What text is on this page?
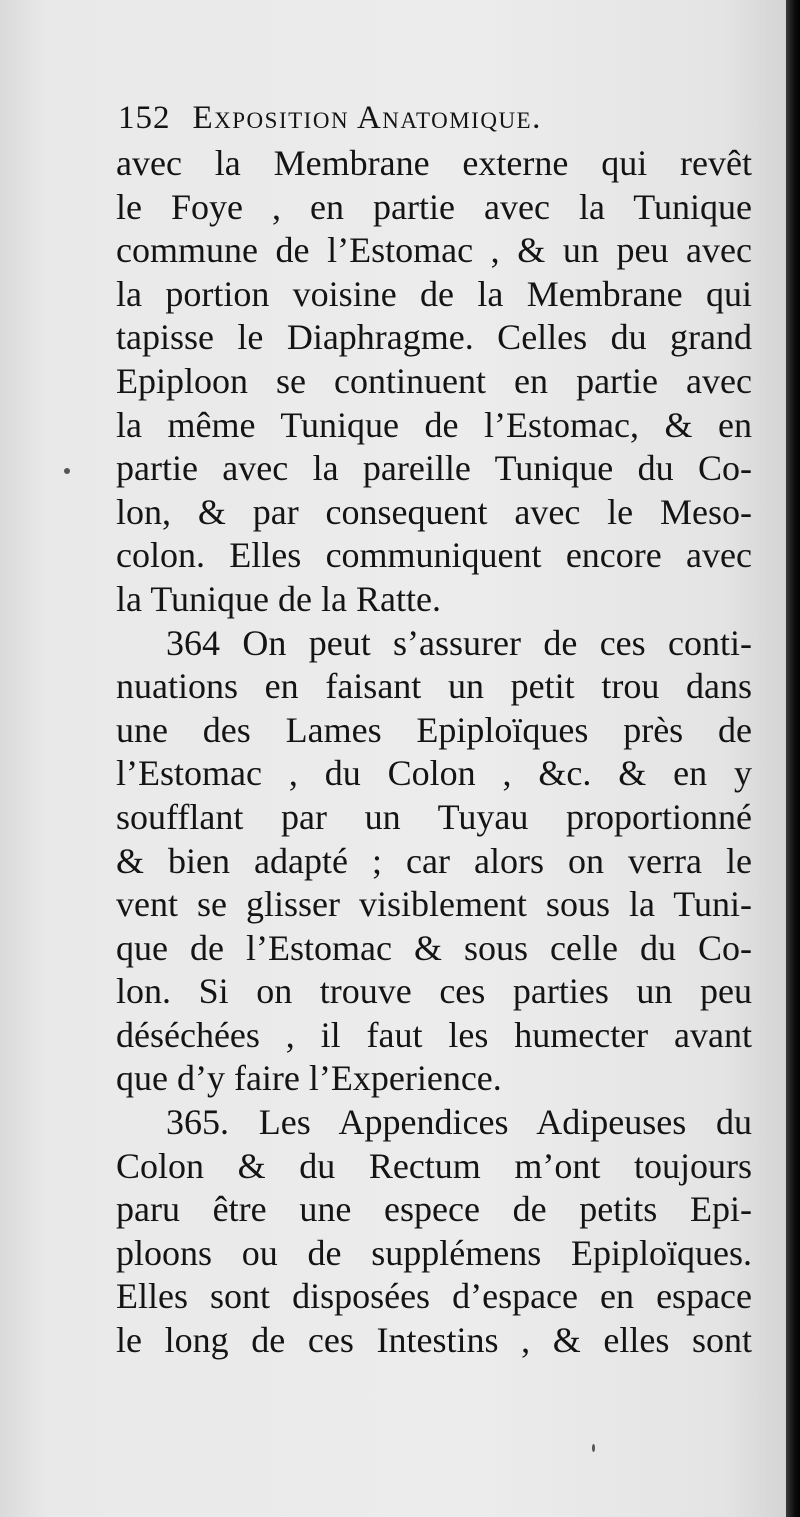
152 Exposition Anatomique.
avec la Membrane externe qui revêt
le Foye , en partie avec la Tunique
commune de l’Estomac , & un peu avec
la portion voisine de la Membrane qui
tapisse le Diaphragme. Celles du grand
Epiploon se continuent en partie avec
la même Tunique de l’Estomac, & en
partie avec la pareille Tunique du Co-
lon, & par consequent avec le Meso-
colon. Elles communiquent encore avec
la Tunique de la Ratte.
364 On peut s’assurer de ces conti-
nuations en faisant un petit trou dans
une des Lames Epiploïques près de
l’Estomac , du Colon , &c. & en y
soufflant par un Tuyau proportionné
& bien adapté ; car alors on verra le
vent se glisser visiblement sous la Tuni-
que de l’Estomac & sous celle du Co-
lon. Si on trouve ces parties un peu
déséchées , il faut les humecter avant
que d’y faire l’Experience.
365. Les Appendices Adipeuses du
Colon & du Rectum m’ont toujours
paru être une espece de petits Epi-
ploons ou de supplémens Epiploïques.
Elles sont disposées d’espace en espace
le long de ces Intestins , & elles sont
